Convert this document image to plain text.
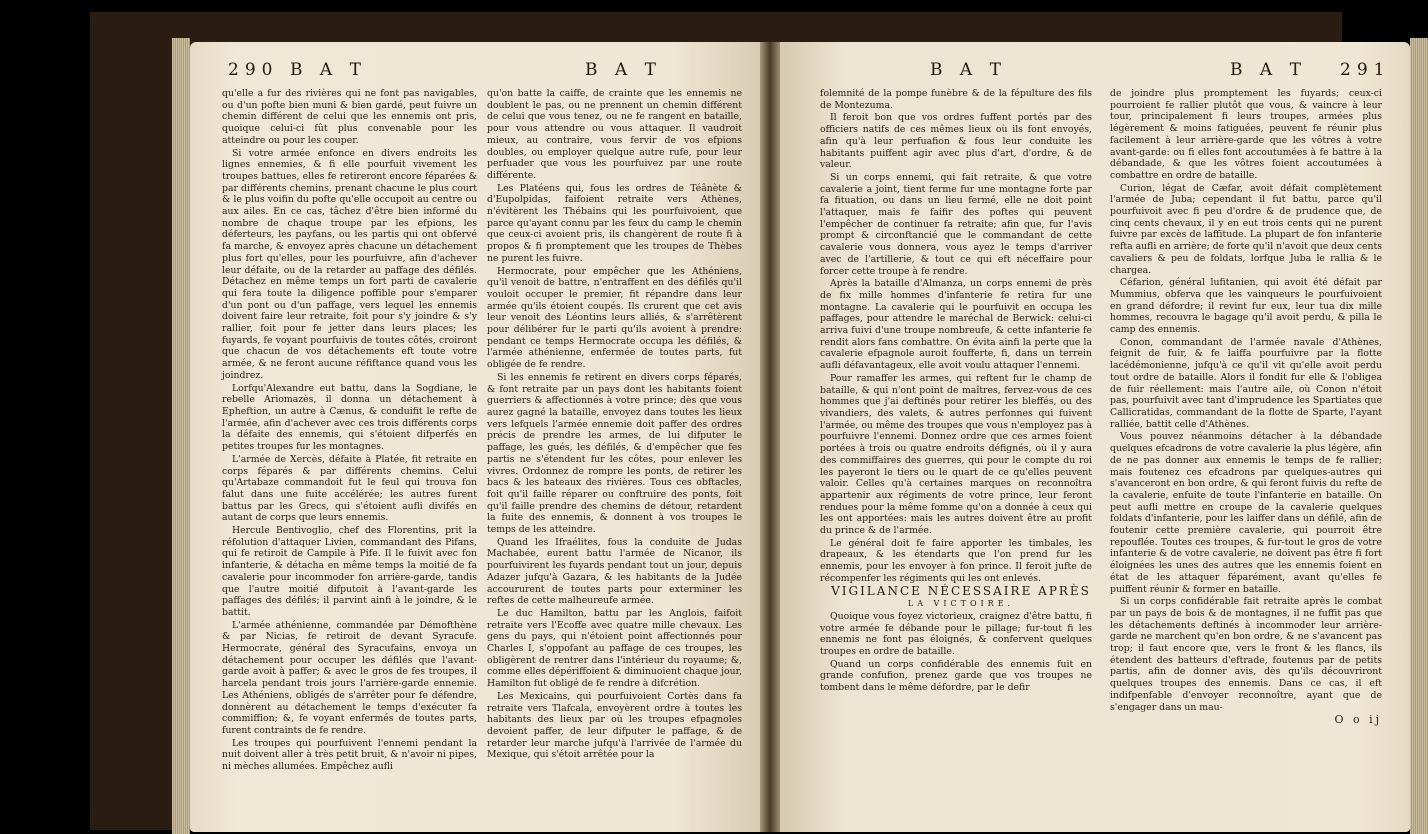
290 B A T	B A T

qu'elle a fur des rivières qui ne font pas navigables, ou d'un pofte bien muni & bien gardé, peut fuivre un chemin différent de celui que les ennemis ont pris, quoique celui-ci fût plus convenable pour les atteindre ou pour les couper.

Si votre armée enfonce en divers endroits les lignes ennemies, & fi elle pourfuit vivement les troupes battues, elles fe retireront encore féparées & par différents chemins, prenant chacune le plus court & le plus voifin du pofte qu'elle occupoit au centre ou aux ailes. En ce cas, tâchez d'être bien informé du nombre de chaque troupe par les efpions, les déferteurs, les payfans, ou les partis qui ont obfervé fa marche, & envoyez après chacune un détachement plus fort qu'elles, pour les pourfuivre, afin d'achever leur défaite, ou de la retarder au paffage des défilés. Détachez en même temps un fort parti de cavalerie qui fera toute la diligence poffible pour s'emparer d'un pont ou d'un paffage, vers lequel les ennemis doivent faire leur retraite, foit pour s'y joindre & s'y rallier, foit pour fe jetter dans leurs places; les fuyards, fe voyant pourfuivis de toutes côtés, croiront que chacun de vos détachements eft toute votre armée, & ne feront aucune réfiftance quand vous les joindrez.

Lorfqu'Alexandre eut battu, dans la Sogdiane, le rebelle Ariomazès, il donna un détachement à Epheftion, un autre à Cænus, & conduifit le refte de l'armée, afin d'achever avec ces trois différents corps la défaite des ennemis, qui s'étoient difperfés en petites troupes fur les montagnes.

L'armée de Xercès, défaite à Platée, fit retraite en corps féparés & par différents chemins. Celui qu'Artabaze commandoit fut le feul qui trouva fon falut dans une fuite accélérée; les autres furent battus par les Grecs, qui s'étoient aufli divifés en autant de corps que leurs ennemis.

Hercule Bentivoglio, chef des Florentins, prit la réfolution d'attaquer Livien, commandant des Pifans, qui fe retiroit de Campile à Pife. Il le fuivit avec fon infanterie, & détacha en même temps la moitié de fa cavalerie pour incommoder fon arrière-garde, tandis que l'autre moitié difputoit à l'avant-garde les paffages des défilés; il parvint ainfi à le joindre, & le battit.

L'armée athénienne, commandée par Démofthène & par Nicias, fe retiroit de devant Syracufe. Hermocrate, général des Syracufains, envoya un détachement pour occuper les défilés que l'avant-garde avoit à paffer; & avec le gros de fes troupes, il harcela pendant trois jours l'arrière-garde ennemie. Les Athéniens, obligés de s'arrêter pour fe défendre, donnèrent au détachement le temps d'exécuter fa commiffion; &, fe voyant enfermés de toutes parts, furent contraints de fe rendre.

Les troupes qui pourfuivent l'ennemi pendant la nuit doivent aller à très petit bruit, & n'avoir ni pipes, ni mèches allumées. Empêchez aufli

qu'on batte la caiffe, de crainte que les ennemis ne doublent le pas, ou ne prennent un chemin différent de celui que vous tenez, ou ne fe rangent en bataille, pour vous attendre ou vous attaquer. Il vaudroit mieux, au contraire, vous fervir de vos efpions doubles, ou employer quelque autre rufe, pour leur perfuader que vous les pourfuivez par une route différente.

Les Platéens qui, fous les ordres de Téânète & d'Eupolpidas, faifoient retraite vers Athènes, n'évitèrent les Thébains qui les pourfuivoient, que parce qu'ayant connu par les feux du camp le chemin que ceux-ci avoient pris, ils changèrent de route fi à propos & fi promptement que les troupes de Thèbes ne purent les fuivre.

Hermocrate, pour empêcher que les Athéniens, qu'il venoit de battre, n'entraffent en des défilés qu'il vouloit occuper le premier, fit répandre dans leur armée qu'ils étoient coupés. Ils crurent que cet avis leur venoit des Léontins leurs alliés, & s'arrêtèrent pour délibérer fur le parti qu'ils avoient à prendre: pendant ce temps Hermocrate occupa les défilés, & l'armée athénienne, enfermée de toutes parts, fut obligée de fe rendre.

Si les ennemis fe retirent en divers corps féparés, & font retraite par un pays dont les habitants foient guerriers & affectionnés à votre prince; dès que vous aurez gagné la bataille, envoyez dans toutes les lieux vers lefquels l'armée ennemie doit paffer des ordres précis de prendre les armes, de lui difputer le paffage, les gués, les défilés, & d'empêcher que fes partis ne s'étendent fur les côtes, pour enlever les vivres. Ordonnez de rompre les ponts, de retirer les bacs & les bateaux des rivières. Tous ces obftacles, foit qu'il faille réparer ou conftruire des ponts, foit qu'il faille prendre des chemins de détour, retardent la fuite des ennemis, & donnent à vos troupes le temps de les atteindre.

Quand les Ifraélites, fous la conduite de Judas Machabée, eurent battu l'armée de Nicanor, ils pourfuivirent les fuyards pendant tout un jour, depuis Adazer jufqu'à Gazara, & les habitants de la Judée accoururent de toutes parts pour exterminer les reftes de cette malheureufe armée.

Le duc Hamilton, battu par les Anglois, faifoit retraite vers l'Ecoffe avec quatre mille chevaux. Les gens du pays, qui n'étoient point affectionnés pour Charles I, s'oppofant au paffage de ces troupes, les obligèrent de rentrer dans l'intérieur du royaume; &, comme elles dépériffoient & diminuoient chaque jour, Hamilton fut obligé de fe rendre à difcrétion.

Les Mexicains, qui pourfuivoient Cortès dans fa retraite vers Tlafcala, envoyèrent ordre à toutes les habitants des lieux par où les troupes efpagnoles devoient paffer, de leur difputer le paffage, & de retarder leur marche jufqu'à l'arrivée de l'armée du Mexique, qui s'étoit arrêtée pour la

B A T	B A T 291

folemnité de la pompe funèbre & de la fépulture des fils de Montezuma.

Il feroit bon que vos ordres fuffent portés par des officiers natifs de ces mêmes lieux où ils font envoyés, afin qu'à leur perfuafion & fous leur conduite les habitants puiffent agir avec plus d'art, d'ordre, & de valeur.

Si un corps ennemi, qui fait retraite, & que votre cavalerie a joint, tient ferme fur une montagne forte par fa fituation, ou dans un lieu fermé, elle ne doit point l'attaquer, mais fe faifir des poftes qui peuvent l'empêcher de continuer fa retraite; afin que, fur l'avis prompt & circonftancié que le commandant de cette cavalerie vous donnera, vous ayez le temps d'arriver avec de l'artillerie, & tout ce qui eft néceffaire pour forcer cette troupe à fe rendre.

Après la bataille d'Almanza, un corps ennemi de près de fix mille hommes d'infanterie fe retira fur une montagne. La cavalerie qui le pourfuivit en occupa les paffages, pour attendre le maréchal de Berwick: celui-ci arriva fuivi d'une troupe nombreufe, & cette infanterie fe rendit alors fans combattre. On évita ainfi la perte que la cavalerie efpagnole auroit foufferte, fi, dans un terrein aufli défavantageux, elle avoit voulu attaquer l'ennemi.

Pour ramaffer les armes, qui reftent fur le champ de bataille, & qui n'ont point de maîtres, fervez-vous de ces hommes que j'ai deftinés pour retirer les bleffés, ou des vivandiers, des valets, & autres perfonnes qui fuivent l'armée, ou même des troupes que vous n'employez pas à pourfuivre l'ennemi. Donnez ordre que ces armes foient portées à trois ou quatre endroits défignés, où il y aura des commiffaires des guerres, qui pour le compte du roi les payeront le tiers ou le quart de ce qu'elles peuvent valoir. Celles qu'à certaines marques on reconnoîtra appartenir aux régiments de votre prince, leur feront rendues pour la même fomme qu'on a donnée à ceux qui les ont apportées: mais les autres doivent être au profit du prince & de l'armée.

Le général doit fe faire apporter les timbales, les drapeaux, & les étendarts que l'on prend fur les ennemis, pour les envoyer à fon prince. Il feroit jufte de récompenfer les régiments qui les ont enlevés.

VIGILANCE NÉCESSAIRE APRÈS

LA VICTOIRE.

Quoique vous foyez victorieux, craignez d'être battu, fi votre armée fe débande pour le pillage; fur-tout fi les ennemis ne font pas éloignés, & confervent quelques troupes en ordre de bataille.

Quand un corps confidérable des ennemis fuit en grande confufion, prenez garde que vos troupes ne tombent dans le même défordre, par le defir

de joindre plus promptement les fuyards; ceux-ci pourroient fe rallier plutôt que vous, & vaincre à leur tour, principalement fi leurs troupes, armées plus légèrement & moins fatiguées, peuvent fe réunir plus facilement à leur arrière-garde que les vôtres à votre avant-garde: ou fi elles font accoutumées à fe battre à la débandade, & que les vôtres foient accoutumées à combattre en ordre de bataille.

Curion, légat de Cæfar, avoit défait complètement l'armée de Juba; cependant il fut battu, parce qu'il pourfuivoit avec fi peu d'ordre & de prudence que, de cinq cents chevaux, il y en eut trois cents qui ne purent fuivre par excès de laffitude. La plupart de fon infanterie refta aufli en arrière; de forte qu'il n'avoit que deux cents cavaliers & peu de foldats, lorfque Juba le rallia & le chargea.

Céfarion, général lufitanien, qui avoit été défait par Mummius, obferva que les vainqueurs le pourfuivoient en grand défordre; il revint fur eux, leur tua dix mille hommes, recouvra le bagage qu'il avoit perdu, & pilla le camp des ennemis.

Conon, commandant de l'armée navale d'Athènes, feignit de fuir, & fe laiffa pourfuivre par la flotte lacédémonienne, jufqu'à ce qu'il vit qu'elle avoit perdu tout ordre de bataille. Alors il fondit fur elle & l'obligea de fuir réellement: mais l'autre aile, où Conon n'étoit pas, pourfuivit avec tant d'imprudence les Spartiates que Callicratidas, commandant de la flotte de Sparte, l'ayant ralliée, battit celle d'Athènes.

Vous pouvez néanmoins détacher à la débandade quelques efcadrons de votre cavalerie la plus légère, afin de ne pas donner aux ennemis le temps de fe rallier; mais foutenez ces efcadrons par quelques-autres qui s'avanceront en bon ordre, & qui feront fuivis du refte de la cavalerie, enfuite de toute l'infanterie en bataille. On peut aufli mettre en croupe de la cavalerie quelques foldats d'infanterie, pour les laiffer dans un défilé, afin de foutenir cette première cavalerie, qui pourroit être repouflée. Toutes ces troupes, & fur-tout le gros de votre infanterie & de votre cavalerie, ne doivent pas être fi fort éloignées les unes des autres que les ennemis foient en état de les attaquer féparément, avant qu'elles fe puiffent réunir & former en bataille.

Si un corps confidérable fait retraite après le combat par un pays de bois & de montagnes, il ne fuffit pas que les détachements deftinés à incommoder leur arrière-garde ne marchent qu'en bon ordre, & ne s'avancent pas trop; il faut encore que, vers le front & les flancs, ils étendent des batteurs d'eftrade, foutenus par de petits partis, afin de donner avis, dès qu'ils découvriront quelques troupes des ennemis. Dans ce cas, il eft indifpenfable d'envoyer reconnoître, ayant que de s'engager dans un mau-

O o ij
